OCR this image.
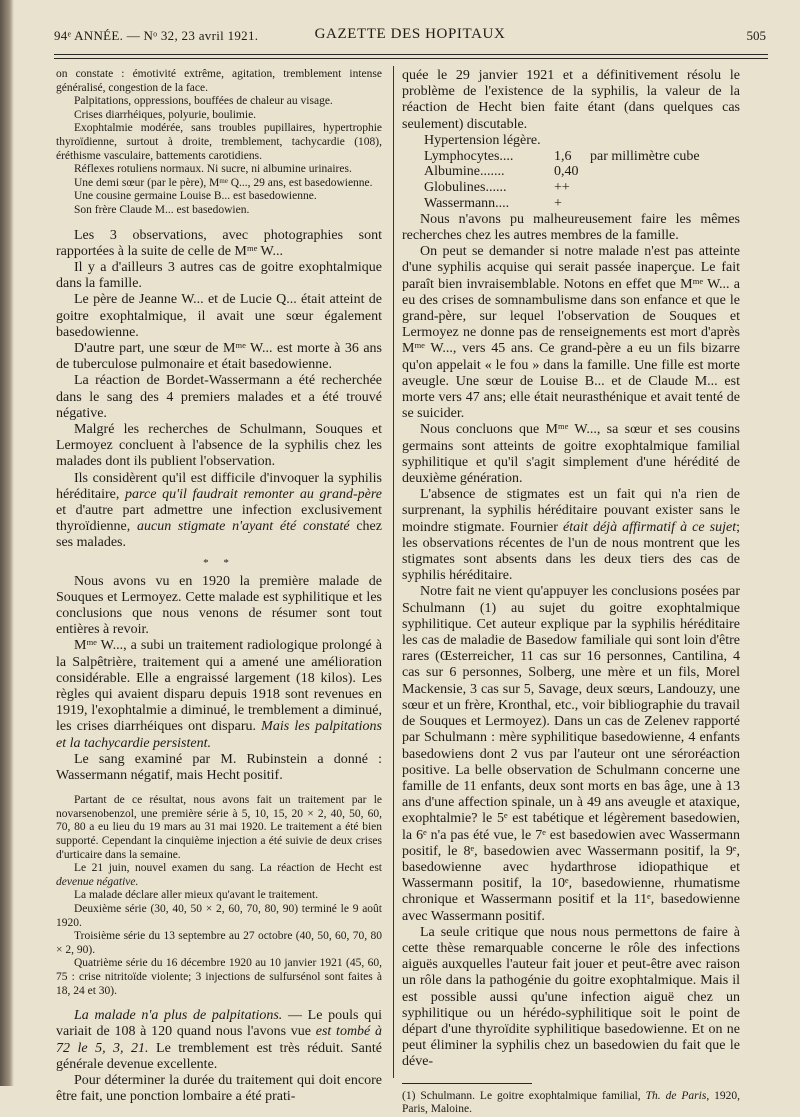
94ᵉ ANNÉE. — Nᵒ 32, 23 avril 1921.	GAZETTE DES HOPITAUX	505

on constate : émotivité extrême, agitation, tremblement intense généralisé, congestion de la face.

Palpitations, oppressions, bouffées de chaleur au visage.

Crises diarrhéiques, polyurie, boulimie.

Exophtalmie modérée, sans troubles pupillaires, hypertrophie thyroïdienne, surtout à droite, tremblement, tachycardie (108), éréthisme vasculaire, battements carotidiens.

Réflexes rotuliens normaux. Ni sucre, ni albumine urinaires.

Une demi sœur (par le père), Mᵐᵉ Q..., 29 ans, est basedowienne.

Une cousine germaine Louise B... est basedowienne.

Son frère Claude M... est basedowien.

Les 3 observations, avec photographies sont rapportées à la suite de celle de Mᵐᵉ W...

Il y a d'ailleurs 3 autres cas de goitre exophtalmique dans la famille.

Le père de Jeanne W... et de Lucie Q... était atteint de goitre exophtalmique, il avait une sœur également basedowienne.

D'autre part, une sœur de Mᵐᵉ W... est morte à 36 ans de tuberculose pulmonaire et était basedowienne.

La réaction de Bordet-Wassermann a été recherchée dans le sang des 4 premiers malades et a été trouvé négative.

Malgré les recherches de Schulmann, Souques et Lermoyez concluent à l'absence de la syphilis chez les malades dont ils publient l'observation.

Ils considèrent qu'il est difficile d'invoquer la syphilis héréditaire, parce qu'il faudrait remonter au grand-père et d'autre part admettre une infection exclusivement thyroïdienne, aucun stigmate n'ayant été constaté chez ses malades.

* *

Nous avons vu en 1920 la première malade de Souques et Lermoyez. Cette malade est syphilitique et les conclusions que nous venons de résumer sont tout entières à revoir.

Mᵐᵉ W..., a subi un traitement radiologique prolongé à la Salpêtrière, traitement qui a amené une amélioration considérable. Elle a engraissé largement (18 kilos). Les règles qui avaient disparu depuis 1918 sont revenues en 1919, l'exophtalmie a diminué, le tremblement a diminué, les crises diarrhéiques ont disparu. Mais les palpitations et la tachycardie persistent.

Le sang examiné par M. Rubinstein a donné : Wassermann négatif, mais Hecht positif.

Partant de ce résultat, nous avons fait un traitement par le novarsenobenzol, une première série à 5, 10, 15, 20 × 2, 40, 50, 60, 70, 80 a eu lieu du 19 mars au 31 mai 1920. Le traitement a été bien supporté. Cependant la cinquième injection a été suivie de deux crises d'urticaire dans la semaine.

Le 21 juin, nouvel examen du sang. La réaction de Hecht est devenue négative.

La malade déclare aller mieux qu'avant le traitement.

Deuxième série (30, 40, 50 × 2, 60, 70, 80, 90) terminé le 9 août 1920.

Troisième série du 13 septembre au 27 octobre (40, 50, 60, 70, 80 × 2, 90).

Quatrième série du 16 décembre 1920 au 10 janvier 1921 (45, 60, 75 : crise nitritoïde violente; 3 injections de sulfursénol sont faites à 18, 24 et 30).

La malade n'a plus de palpitations. — Le pouls qui variait de 108 à 120 quand nous l'avons vue est tombé à 72 le 5, 3, 21. Le tremblement est très réduit. Santé générale devenue excellente.

Pour déterminer la durée du traitement qui doit encore être fait, une ponction lombaire a été prati-

quée le 29 janvier 1921 et a définitivement résolu le problème de l'existence de la syphilis, la valeur de la réaction de Hecht bien faite étant (dans quelques cas seulement) discutable.

Hypertension légère.
Lymphocytes....	1,6	par millimètre cube
Albumine.......	0,40
Globulines......	++
Wassermann....	+

Nous n'avons pu malheureusement faire les mêmes recherches chez les autres membres de la famille.

On peut se demander si notre malade n'est pas atteinte d'une syphilis acquise qui serait passée inaperçue. Le fait paraît bien invraisemblable. Notons en effet que Mᵐᵉ W... a eu des crises de somnambulisme dans son enfance et que le grand-père, sur lequel l'observation de Souques et Lermoyez ne donne pas de renseignements est mort d'après Mᵐᵉ W..., vers 45 ans. Ce grand-père a eu un fils bizarre qu'on appelait « le fou » dans la famille. Une fille est morte aveugle. Une sœur de Louise B... et de Claude M... est morte vers 47 ans; elle était neurasthénique et avait tenté de se suicider.

Nous concluons que Mᵐᵉ W..., sa sœur et ses cousins germains sont atteints de goitre exophtalmique familial syphilitique et qu'il s'agit simplement d'une hérédité de deuxième génération.

L'absence de stigmates est un fait qui n'a rien de surprenant, la syphilis héréditaire pouvant exister sans le moindre stigmate. Fournier était déjà affirmatif à ce sujet; les observations récentes de l'un de nous montrent que les stigmates sont absents dans les deux tiers des cas de syphilis héréditaire.

Notre fait ne vient qu'appuyer les conclusions posées par Schulmann (1) au sujet du goitre exophtalmique syphilitique. Cet auteur explique par la syphilis héréditaire les cas de maladie de Basedow familiale qui sont loin d'être rares (Œsterreicher, 11 cas sur 16 personnes, Cantilina, 4 cas sur 6 personnes, Solberg, une mère et un fils, Morel Mackensie, 3 cas sur 5, Savage, deux sœurs, Landouzy, une sœur et un frère, Kronthal, etc., voir bibliographie du travail de Souques et Lermoyez). Dans un cas de Zelenev rapporté par Schulmann : mère syphilitique basedowienne, 4 enfants basedowiens dont 2 vus par l'auteur ont une séroréaction positive. La belle observation de Schulmann concerne une famille de 11 enfants, deux sont morts en bas âge, une à 13 ans d'une affection spinale, un à 49 ans aveugle et ataxique, exophtalmie? le 5ᵉ est tabétique et légèrement basedowien, la 6ᵉ n'a pas été vue, le 7ᵉ est basedowien avec Wassermann positif, le 8ᵉ, basedowien avec Wassermann positif, la 9ᵉ, basedowienne avec hydarthrose idiopathique et Wassermann positif, la 10ᵉ, basedowienne, rhumatisme chronique et Wassermann positif et la 11ᵉ, basedowienne avec Wassermann positif.

La seule critique que nous nous permettons de faire à cette thèse remarquable concerne le rôle des infections aiguës auxquelles l'auteur fait jouer et peut-être avec raison un rôle dans la pathogénie du goitre exophtalmique. Mais il est possible aussi qu'une infection aiguë chez un syphilitique ou un hérédo-syphilitique soit le point de départ d'une thyroïdite syphilitique basedowienne. Et on ne peut éliminer la syphilis chez un basedowien du fait que le déve-

(1) Schulmann. Le goitre exophtalmique familial, Th. de Paris, 1920, Paris, Maloine.
